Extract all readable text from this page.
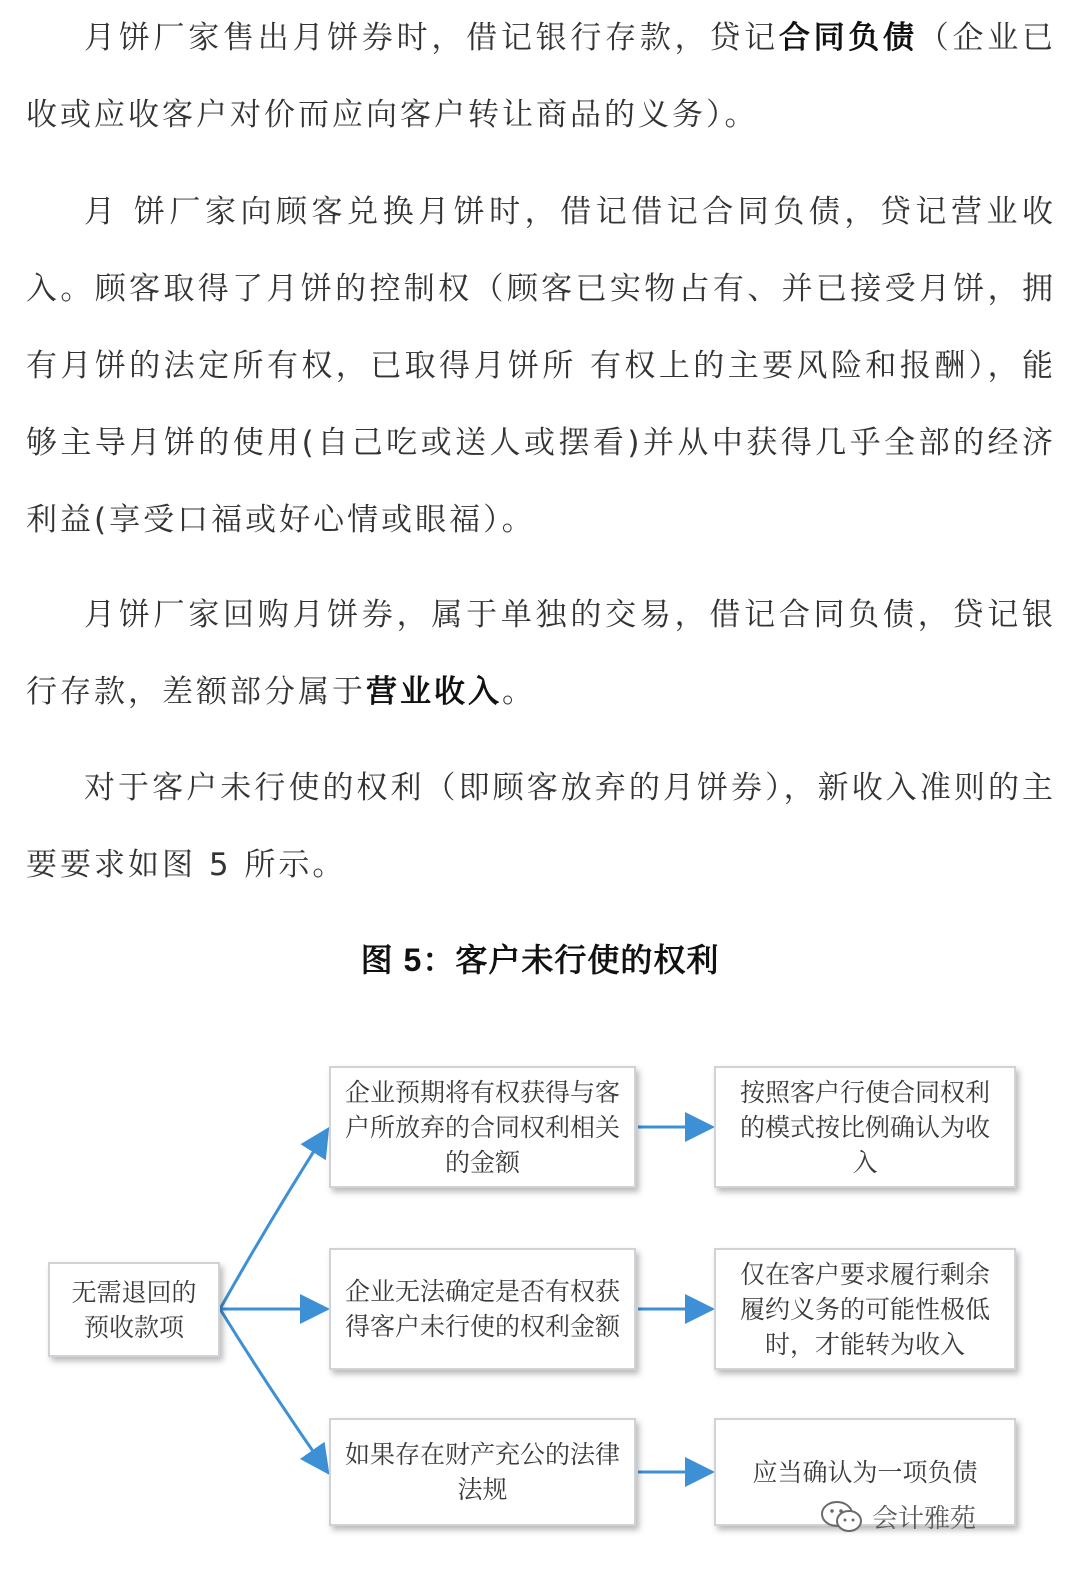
月饼厂家售出月饼券时，借记银行存款，贷记合同负债（企业已收或应收客户对价而应向客户转让商品的义务）。

月 饼厂家向顾客兑换月饼时，借记借记合同负债，贷记营业收入。顾客取得了月饼的控制权（顾客已实物占有、并已接受月饼，拥有月饼的法定所有权，已取得月饼所 有权上的主要风险和报酬），能够主导月饼的使用(自己吃或送人或摆看)并从中获得几乎全部的经济利益(享受口福或好心情或眼福）。

月饼厂家回购月饼券，属于单独的交易，借记合同负债，贷记银行存款，差额部分属于营业收入。

对于客户未行使的权利（即顾客放弃的月饼券），新收入准则的主要要求如图 5 所示。

图 5：客户未行使的权利
无需退回的预收款项
企业预期将有权获得与客户所放弃的合同权利相关的金额
企业无法确定是否有权获得客户未行使的权利金额
如果存在财产充公的法律法规
按照客户行使合同权利的模式按比例确认为收入
仅在客户要求履行剩余履约义务的可能性极低时，才能转为收入
应当确认为一项负债
会计雅苑
